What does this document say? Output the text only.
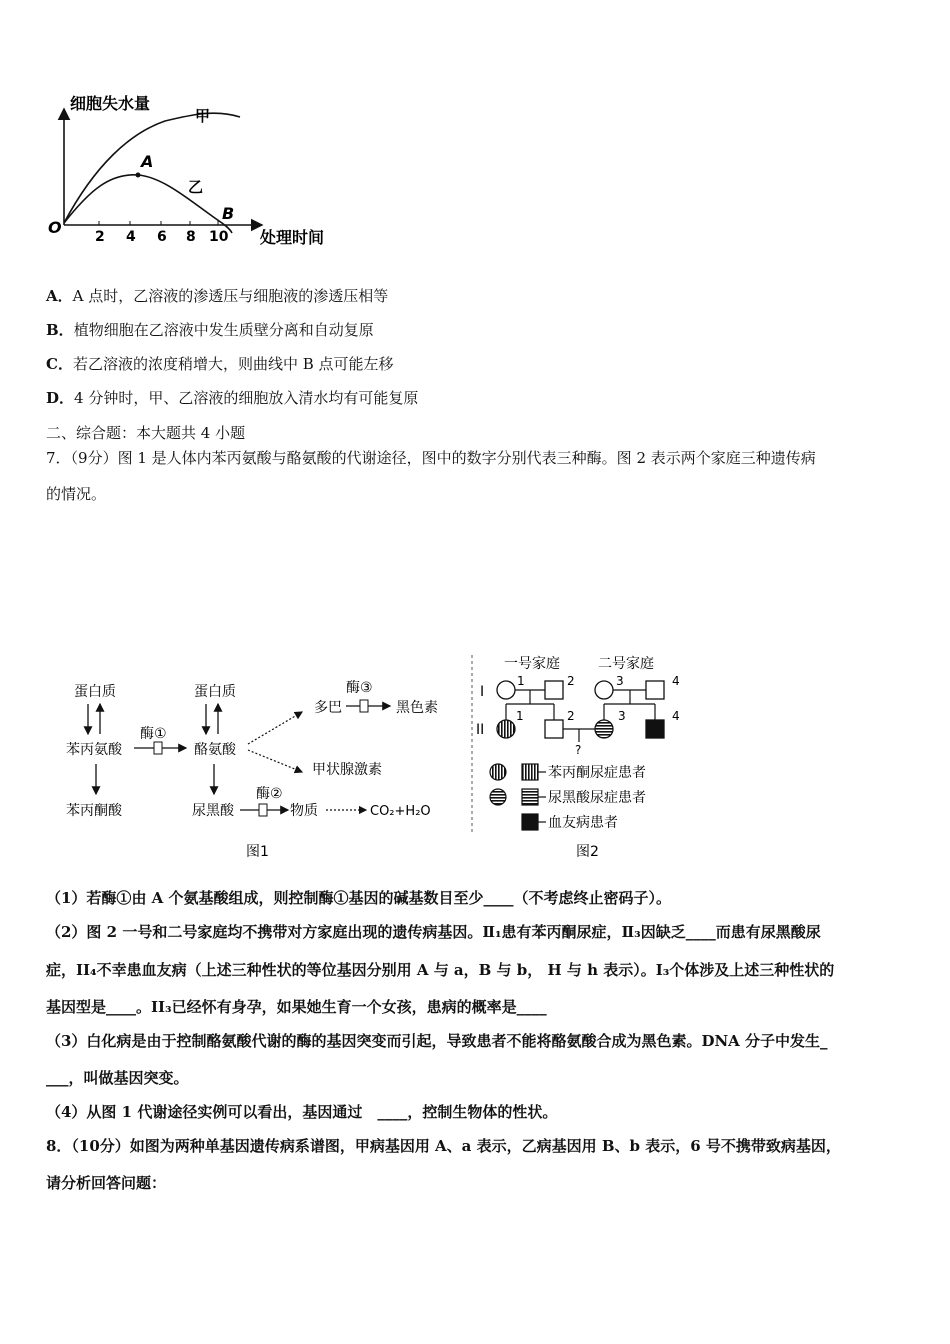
细胞失水量
甲
A
乙
B
O 2 4 6 8 10 处理时间
A．A 点时，乙溶液的渗透压与细胞液的渗透压相等
B．植物细胞在乙溶液中发生质壁分离和自动复原
C．若乙溶液的浓度稍增大，则曲线中 B 点可能左移
D．4 分钟时，甲、乙溶液的细胞放入清水均有可能复原
二、综合题：本大题共 4 小题
7．（9分）图 1 是人体内苯丙氨酸与酪氨酸的代谢途径，图中的数字分别代表三种酶。图 2 表示两个家庭三种遗传病
的情况。
蛋白质	蛋白质
苯丙氨酸	酪氨酸
酶①
苯丙酮酸	尿黑酸
酶②
物质	CO₂+H₂O
多巴
酶③
黑色素
甲状腺激素
图1
一号家庭	二号家庭
I
II
1	2	3	4
1	2	3	4
?
苯丙酮尿症患者
尿黑酸尿症患者
血友病患者
图2
（1）若酶①由 A 个氨基酸组成，则控制酶①基因的碱基数目至少____（不考虑终止密码子）。
（2）图 2 一号和二号家庭均不携带对方家庭出现的遗传病基因。Ⅱ₁患有苯丙酮尿症，Ⅱ₃因缺乏____而患有尿黑酸尿
症，II₄不幸患血友病（上述三种性状的等位基因分别用 A 与 a，B 与 b， H 与 h 表示）。I₃个体涉及上述三种性状的
基因型是____。II₃已经怀有身孕，如果她生育一个女孩，患病的概率是____
（3）白化病是由于控制酪氨酸代谢的酶的基因突变而引起，导致患者不能将酪氨酸合成为黑色素。DNA 分子中发生_
___，叫做基因突变。
（4）从图 1 代谢途径实例可以看出，基因通过　____，控制生物体的性状。
8．（10分）如图为两种单基因遗传病系谱图，甲病基因用 A、a 表示，乙病基因用 B、b 表示，6 号不携带致病基因，
请分析回答问题：
